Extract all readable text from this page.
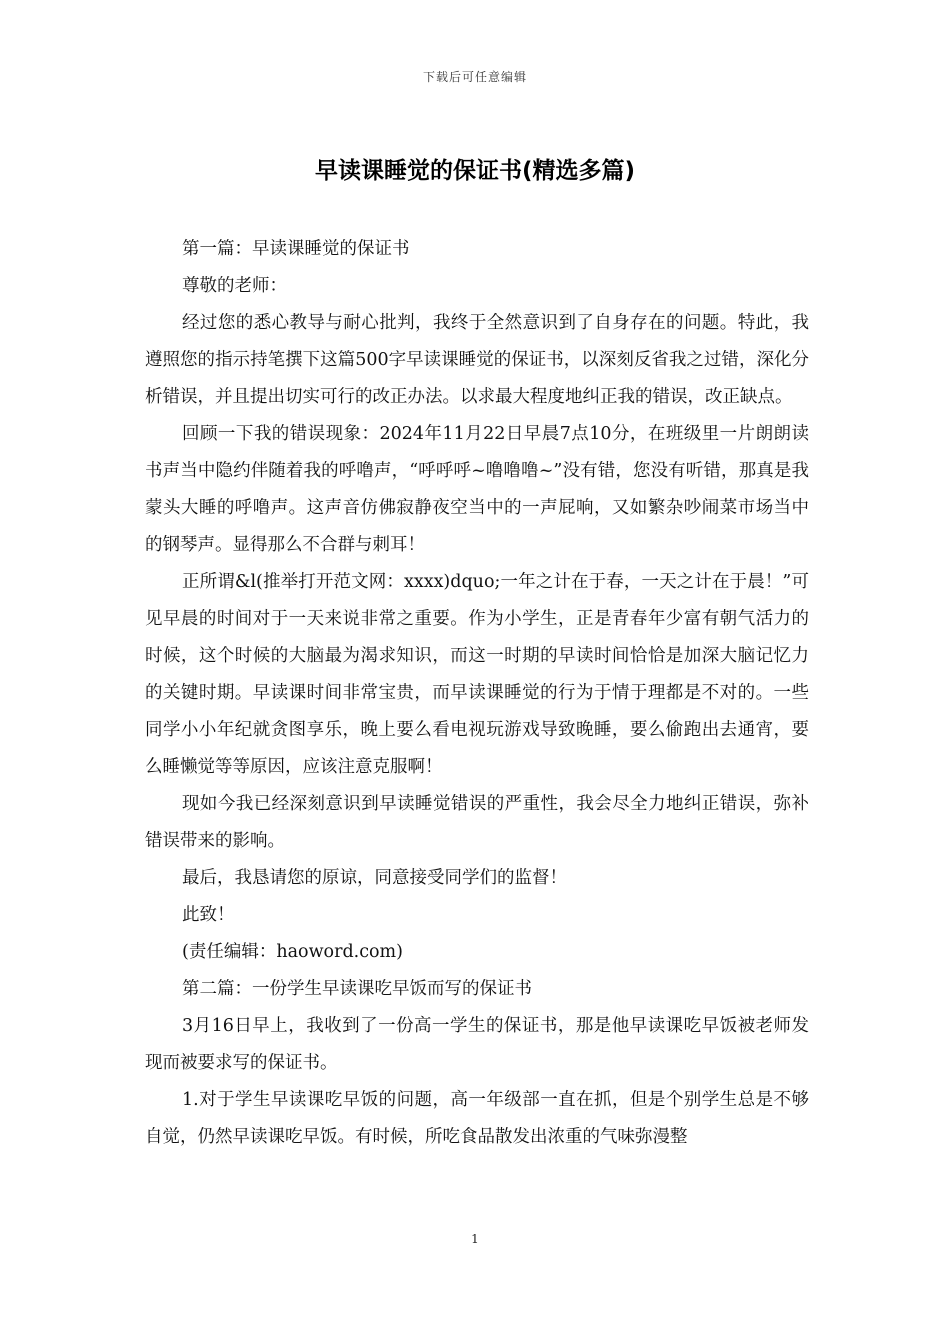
下载后可任意编辑
早读课睡觉的保证书(精选多篇)

第一篇：早读课睡觉的保证书

尊敬的老师：

经过您的悉心教导与耐心批判，我终于全然意识到了自身存在的问题。特此，我遵照您的指示持笔撰下这篇500字早读课睡觉的保证书，以深刻反省我之过错，深化分析错误，并且提出切实可行的改正办法。以求最大程度地纠正我的错误，改正缺点。

回顾一下我的错误现象：2024年11月22日早晨7点10分，在班级里一片朗朗读书声当中隐约伴随着我的呼噜声，“呼呼呼~噜噜噜~”没有错，您没有听错，那真是我蒙头大睡的呼噜声。这声音仿佛寂静夜空当中的一声屁响，又如繁杂吵闹菜市场当中的钢琴声。显得那么不合群与刺耳！

正所谓&l(推举打开范文网：xxxx)dquo;一年之计在于春，一天之计在于晨！”可见早晨的时间对于一天来说非常之重要。作为小学生，正是青春年少富有朝气活力的时候，这个时候的大脑最为渴求知识，而这一时期的早读时间恰恰是加深大脑记忆力的关键时期。早读课时间非常宝贵，而早读课睡觉的行为于情于理都是不对的。一些同学小小年纪就贪图享乐，晚上要么看电视玩游戏导致晚睡，要么偷跑出去通宵，要么睡懒觉等等原因，应该注意克服啊！

现如今我已经深刻意识到早读睡觉错误的严重性，我会尽全力地纠正错误，弥补错误带来的影响。

最后，我恳请您的原谅，同意接受同学们的监督！

此致！

(责任编辑：haoword.com)

第二篇：一份学生早读课吃早饭而写的保证书

3月16日早上，我收到了一份高一学生的保证书，那是他早读课吃早饭被老师发现而被要求写的保证书。

1.对于学生早读课吃早饭的问题，高一年级部一直在抓，但是个别学生总是不够自觉，仍然早读课吃早饭。有时候，所吃食品散发出浓重的气味弥漫整

1
